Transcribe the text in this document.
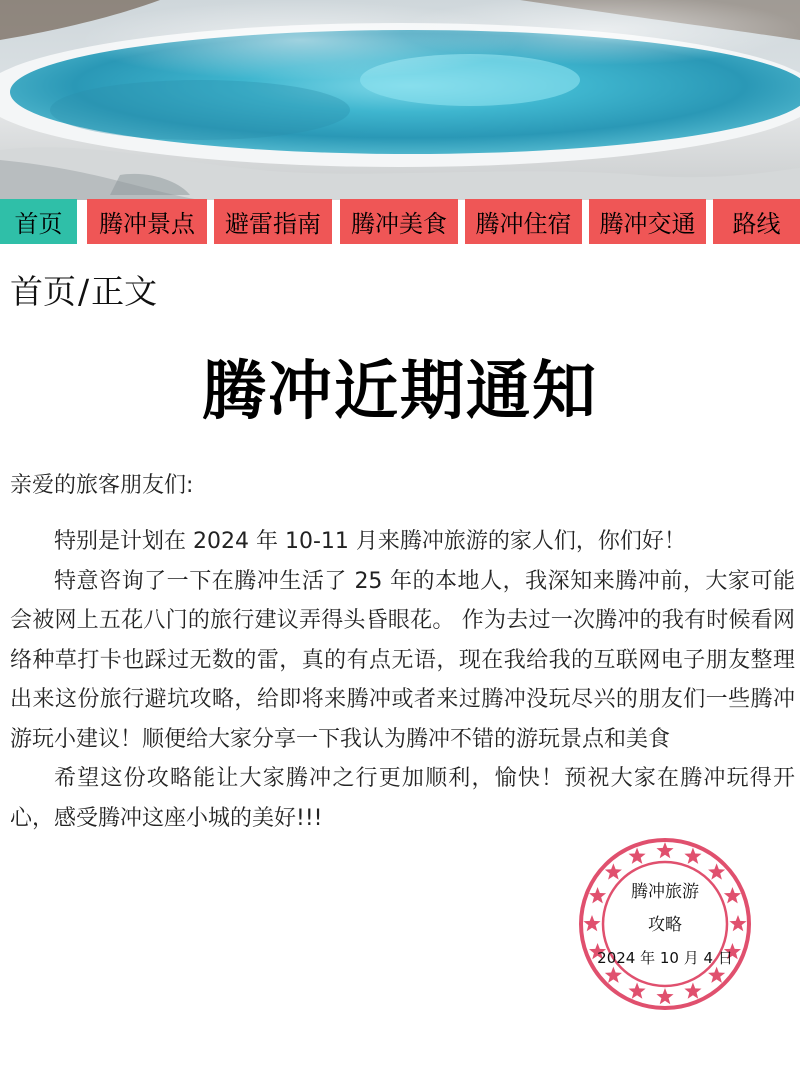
首页	腾冲景点	避雷指南	腾冲美食	腾冲住宿	腾冲交通	路线
首页/正文
腾冲近期通知
亲爱的旅客朋友们:

特别是计划在 2024 年 10-11 月来腾冲旅游的家人们，你们好！

特意咨询了一下在腾冲生活了 25 年的本地人，我深知来腾冲前，大家可能会被网上五花八门的旅行建议弄得头昏眼花。 作为去过一次腾冲的我有时候看网络种草打卡也踩过无数的雷，真的有点无语，现在我给我的互联网电子朋友整理出来这份旅行避坑攻略，给即将来腾冲或者来过腾冲没玩尽兴的朋友们一些腾冲游玩小建议！顺便给大家分享一下我认为腾冲不错的游玩景点和美食

希望这份攻略能让大家腾冲之行更加顺利，愉快！预祝大家在腾冲玩得开心，感受腾冲这座小城的美好!!!

腾冲旅游
攻略
2024 年 10 月 4 日
